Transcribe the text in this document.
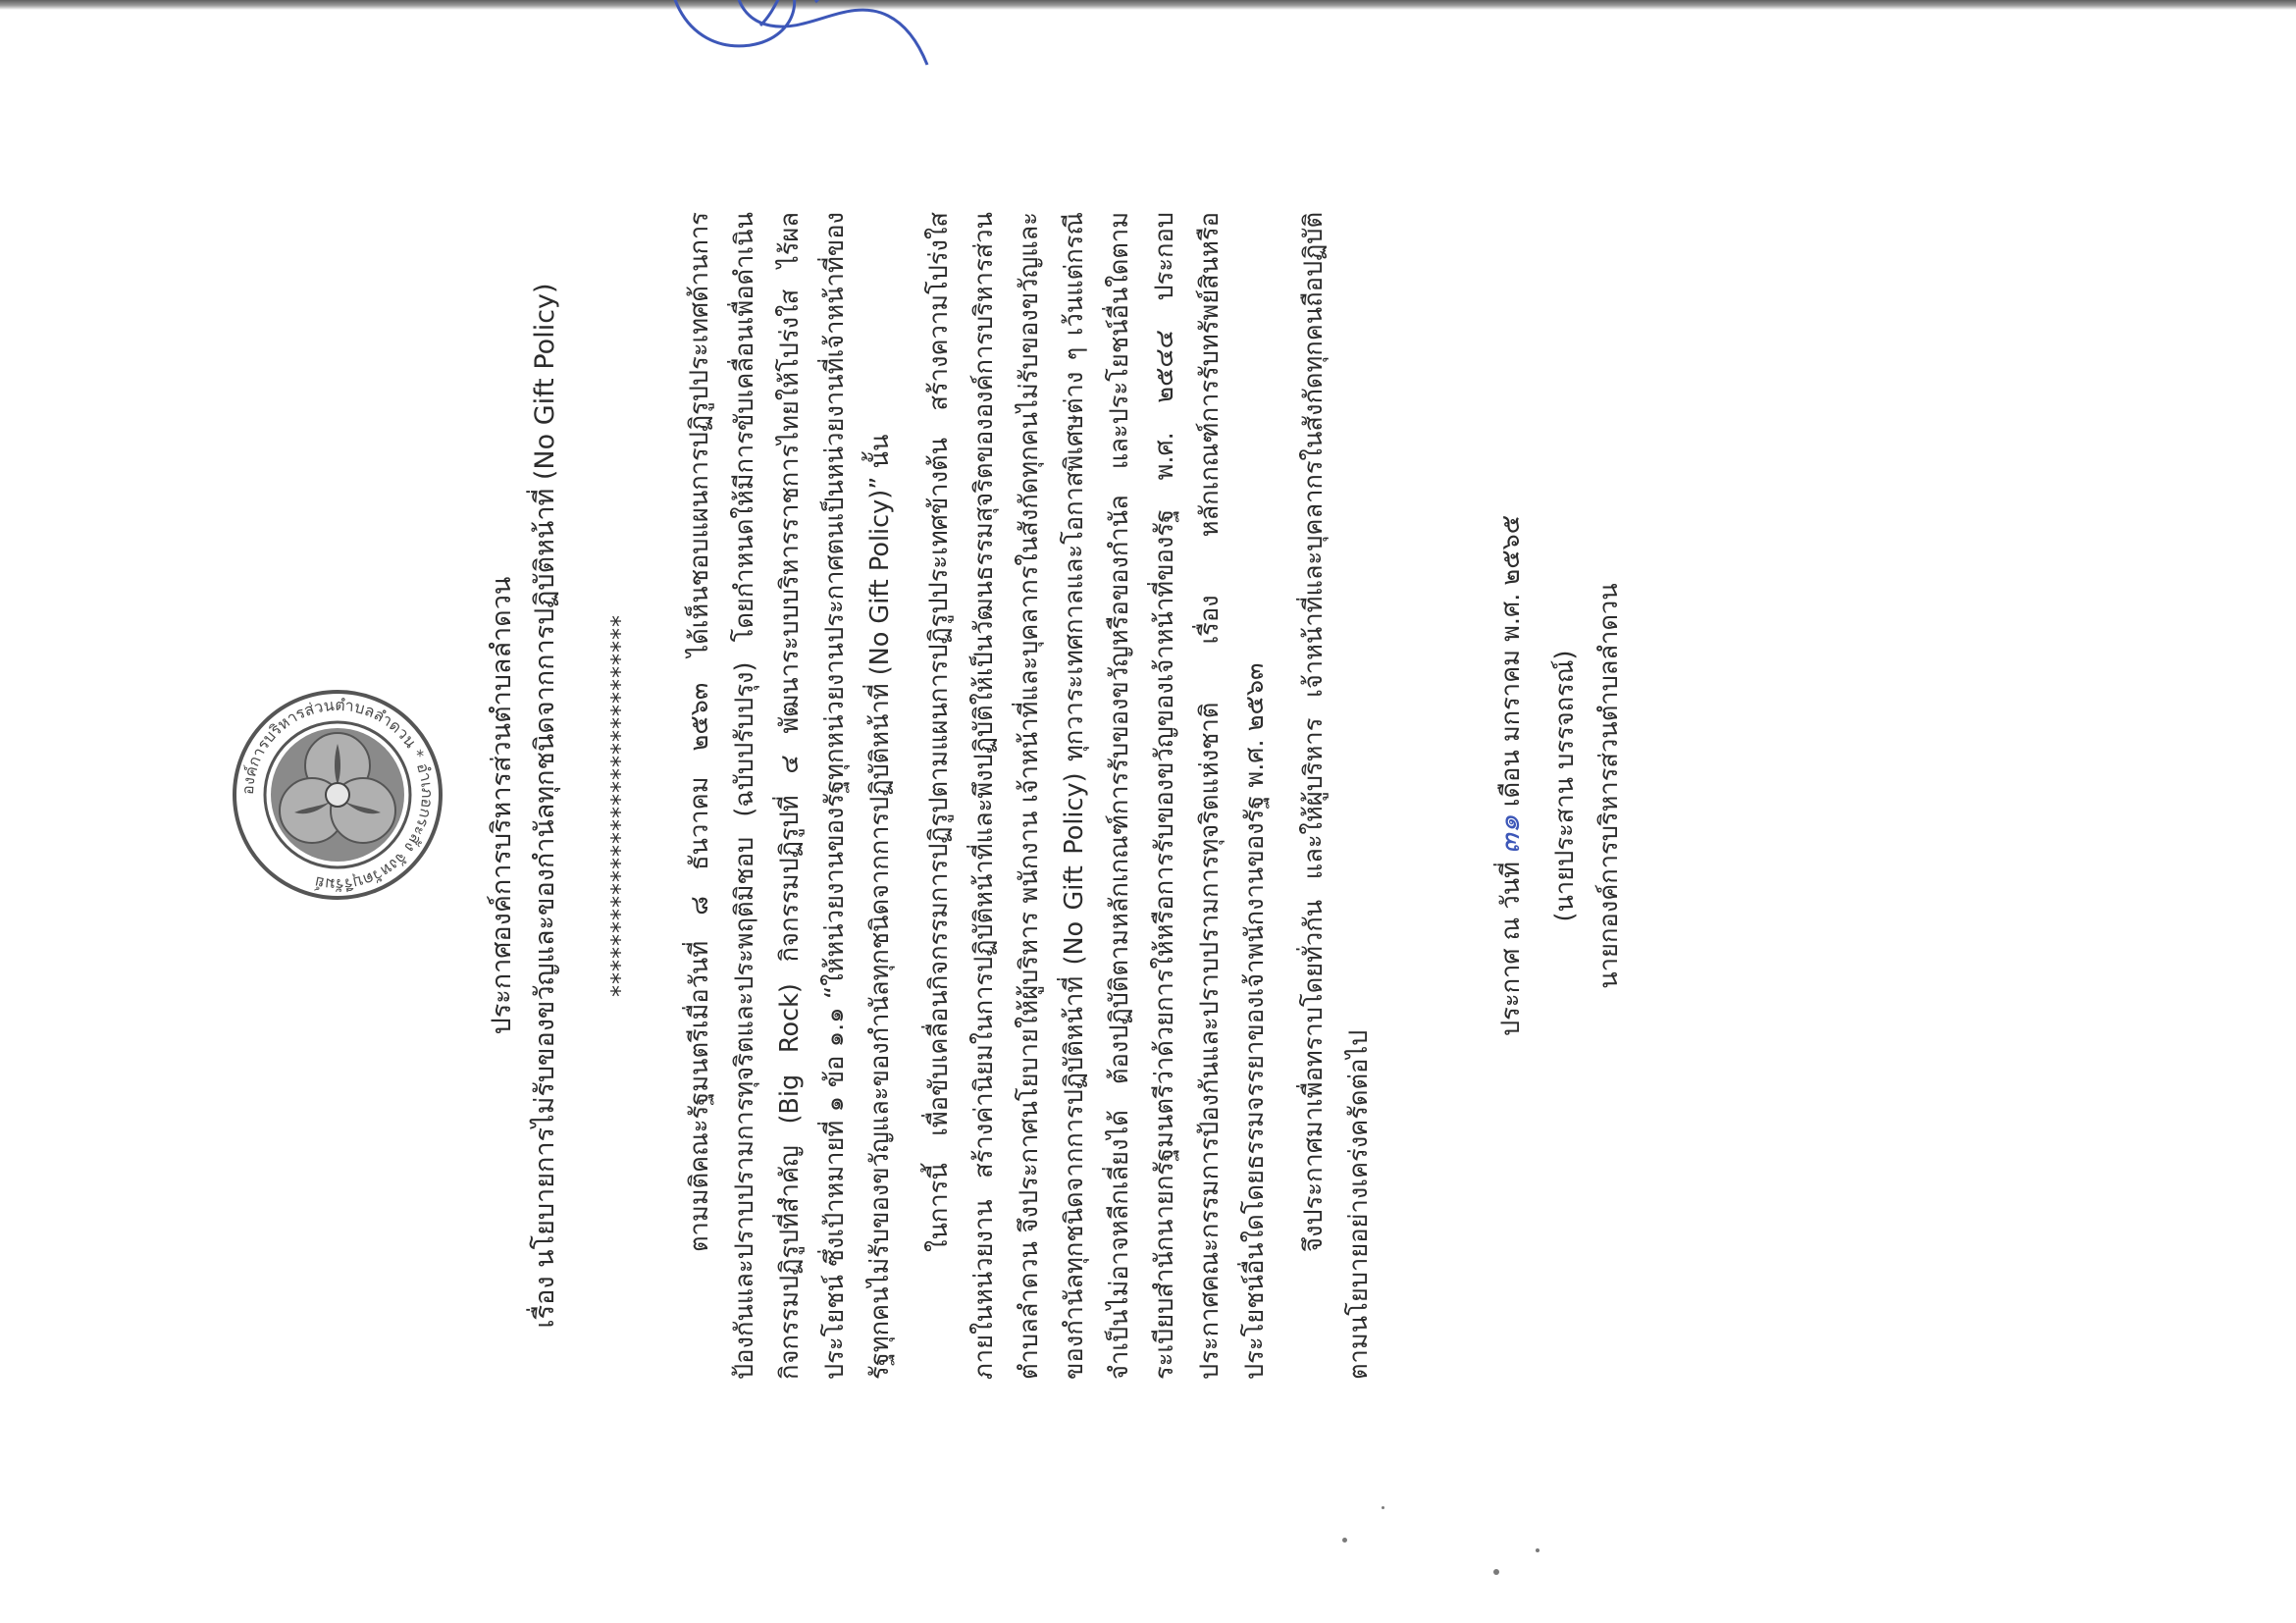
องค์การบริหารส่วนตำบลลำดวน * อำเภอกระสัง จังหวัดบุรีรัมย์	ประกาศองค์การบริหารส่วนตำบลลำดวน เรื่อง นโยบายการไม่รับของขวัญและของกำนัลทุกชนิดจากการปฏิบัติหน้าที่ (No Gift Policy) ******************************	ตามมติคณะรัฐมนตรีเมื่อวันที่ ๘ ธันวาคม ๒๕๖๓ ได้เห็นชอบแผนการปฏิรูปประเทศด้านการป้องกันและปราบปรามการทุจริตและประพฤติมิชอบ (ฉบับปรับปรุง) โดยกำหนดให้มีการขับเคลื่อนเพื่อดำเนินกิจกรรมปฏิรูปที่สำคัญ (Big Rock) กิจกรรมปฏิรูปที่ ๔ พัฒนาระบบบริหารราชการไทยให้โปร่งใส ไร้ผลประโยชน์ ซึ่งเป้าหมายที่ ๑ ข้อ ๑.๑ “ให้หน่วยงานของรัฐทุกหน่วยงานประกาศตนเป็นหน่วยงานที่เจ้าหน้าที่ของรัฐทุกคนไม่รับของขวัญและของกำนัลทุกชนิดจากการปฏิบัติหน้าที่ (No Gift Policy)” นั้น	ในการนี้ เพื่อขับเคลื่อนกิจกรรมการปฏิรูปตามแผนการปฏิรูปประเทศข้างต้น สร้างความโปร่งใสภายในหน่วยงาน สร้างค่านิยมในการปฏิบัติหน้าที่และพึงปฏิบัติให้เป็นวัฒนธรรมสุจริตขององค์การบริหารส่วนตำบลลำดวน จึงประกาศนโยบายให้ผู้บริหาร พนักงาน เจ้าหน้าที่และบุคลากรในสังกัดทุกคนไม่รับของขวัญและของกำนัลทุกชนิดจากการปฏิบัติหน้าที่ (No Gift Policy) ทุกวาระเทศกาลและโอกาสพิเศษต่าง ๆ เว้นแต่กรณีจำเป็นไม่อาจหลีกเลี่ยงได้ ต้องปฏิบัติตามหลักเกณฑ์การรับของขวัญหรือของกำนัล และประโยชน์อื่นใดตามระเบียบสำนักนายกรัฐมนตรีว่าด้วยการให้หรือการรับของขวัญของเจ้าหน้าที่ของรัฐ พ.ศ. ๒๕๔๔ ประกอบประกาศคณะกรรมการป้องกันและปราบปรามการทุจริตแห่งชาติ เรื่อง หลักเกณฑ์การรับทรัพย์สินหรือประโยชน์อื่นใดโดยธรรมจรรยาของเจ้าพนักงานของรัฐ พ.ศ. ๒๕๖๓	จึงประกาศมาเพื่อทราบโดยทั่วกัน และให้ผู้บริหาร เจ้าหน้าที่และบุคลากรในสังกัดทุกคนถือปฏิบัติตามนโยบายอย่างเคร่งครัดต่อไป

ประกาศ ณ วันที่ ๓๑ เดือน มกราคม พ.ศ. ๒๕๖๕ (นายประสาน บรรจถรณ์) นายกองค์การบริหารส่วนตำบลลำดวน
